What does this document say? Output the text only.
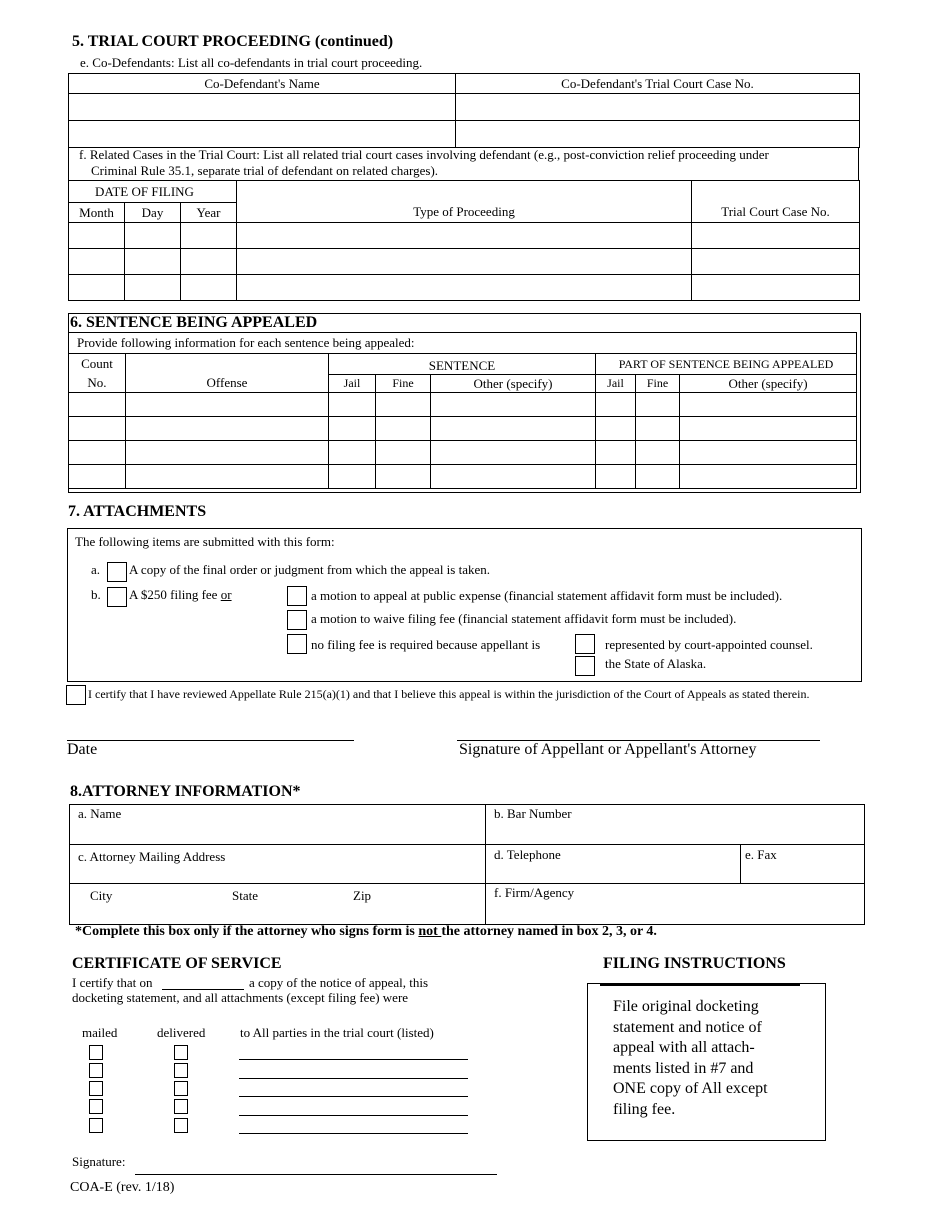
5. TRIAL COURT PROCEEDING (continued)
e. Co-Defendants: List all co-defendants in trial court proceeding.
Co-Defendant's Name	Co-Defendant's Trial Court Case No.

f. Related Cases in the Trial Court: List all related trial court cases involving defendant (e.g., post-conviction relief proceeding under
Criminal Rule 35.1, separate trial of defendant on related charges).
DATE OF FILING				
Month	Day	Year	Type of Proceeding	Trial Court Case No.

6. SENTENCE BEING APPEALED
Provide following information for each sentence being appealed:							
Count		SENTENCE			PART OF SENTENCE BEING APPEALED		
No.	Offense	Jail	Fine	Other (specify)	Jail	Fine	Other (specify)

7. ATTACHMENTS
The following items are submitted with this form:
a. A copy of the final order or judgment from which the appeal is taken.
b. A $250 filing fee or	a motion to appeal at public expense (financial statement affidavit form must be included).
a motion to waive filing fee (financial statement affidavit form must be included).
no filing fee is required because appellant is	represented by court-appointed counsel.
the State of Alaska.
I certify that I have reviewed Appellate Rule 215(a)(1) and that I believe this appeal is within the jurisdiction of the Court of Appeals as stated therein.
Date	Signature of Appellant or Appellant's Attorney
8.ATTORNEY INFORMATION*
a. Name	b. Bar Number	
c. Attorney Mailing Address	d. Telephone	e. Fax

City State Zip	f. Firm/Agency	
*Complete this box only if the attorney who signs form is not the attorney named in box 2, 3, or 4.
CERTIFICATE OF SERVICE
I certify that on	a copy of the notice of appeal, this
docketing statement, and all attachments (except filing fee) were
mailed	delivered	to All parties in the trial court (listed)
Signature:
COA-E (rev. 1/18)
FILING INSTRUCTIONS
File original docketing
statement and notice of
appeal with all attach-
ments listed in #7 and
ONE copy of All except
filing fee.
